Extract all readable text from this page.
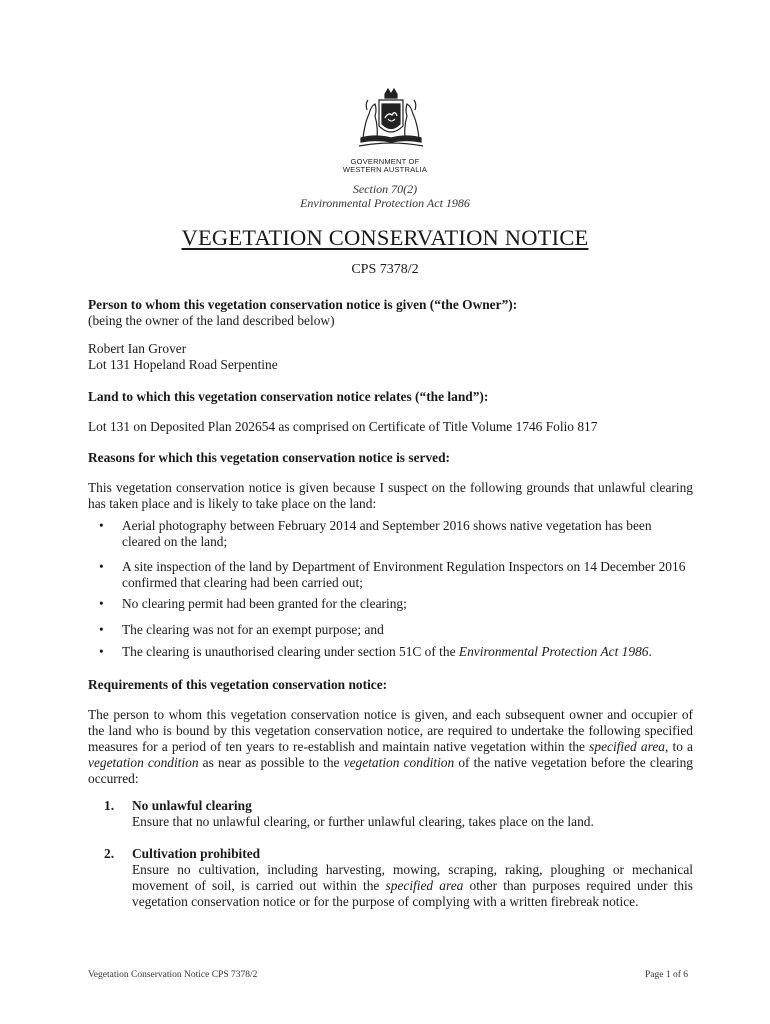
GOVERNMENT OF
WESTERN AUSTRALIA
Section 70(2)
Environmental Protection Act 1986
VEGETATION CONSERVATION NOTICE
CPS 7378/2
Person to whom this vegetation conservation notice is given (“the Owner”):
(being the owner of the land described below)
Robert Ian Grover
Lot 131 Hopeland Road Serpentine
Land to which this vegetation conservation notice relates (“the land”):
Lot 131 on Deposited Plan 202654 as comprised on Certificate of Title Volume 1746 Folio 817
Reasons for which this vegetation conservation notice is served:
This vegetation conservation notice is given because I suspect on the following grounds that unlawful clearing has taken place and is likely to take place on the land:
• Aerial photography between February 2014 and September 2016 shows native vegetation has been cleared on the land;
• A site inspection of the land by Department of Environment Regulation Inspectors on 14 December 2016 confirmed that clearing had been carried out;
• No clearing permit had been granted for the clearing;
• The clearing was not for an exempt purpose; and
• The clearing is unauthorised clearing under section 51C of the Environmental Protection Act 1986.
Requirements of this vegetation conservation notice:
The person to whom this vegetation conservation notice is given, and each subsequent owner and occupier of the land who is bound by this vegetation conservation notice, are required to undertake the following specified measures for a period of ten years to re-establish and maintain native vegetation within the specified area, to a vegetation condition as near as possible to the vegetation condition of the native vegetation before the clearing occurred:
1. No unlawful clearing
Ensure that no unlawful clearing, or further unlawful clearing, takes place on the land.
2. Cultivation prohibited
Ensure no cultivation, including harvesting, mowing, scraping, raking, ploughing or mechanical movement of soil, is carried out within the specified area other than purposes required under this vegetation conservation notice or for the purpose of complying with a written firebreak notice.
Vegetation Conservation Notice CPS 7378/2	Page 1 of 6
